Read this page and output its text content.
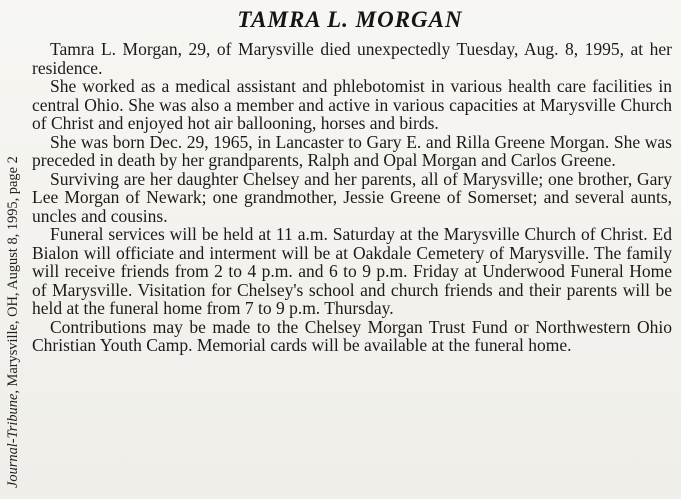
Journal-Tribune, Marysville, OH, August 8, 1995, page 2
TAMRA L. MORGAN

Tamra L. Morgan, 29, of Marysville died unexpectedly Tuesday, Aug. 8, 1995, at her residence.

She worked as a medical assistant and phlebotomist in various health care facilities in central Ohio. She was also a member and active in various capacities at Marysville Church of Christ and enjoyed hot air ballooning, horses and birds.

She was born Dec. 29, 1965, in Lancaster to Gary E. and Rilla Greene Morgan. She was preceded in death by her grandparents, Ralph and Opal Morgan and Carlos Greene.

Surviving are her daughter Chelsey and her parents, all of Marysville; one brother, Gary Lee Morgan of Newark; one grandmother, Jessie Greene of Somerset; and several aunts, uncles and cousins.

Funeral services will be held at 11 a.m. Saturday at the Marysville Church of Christ. Ed Bialon will officiate and interment will be at Oakdale Cemetery of Marysville. The family will receive friends from 2 to 4 p.m. and 6 to 9 p.m. Friday at Underwood Funeral Home of Marysville. Visitation for Chelsey's school and church friends and their parents will be held at the funeral home from 7 to 9 p.m. Thursday.

Contributions may be made to the Chelsey Morgan Trust Fund or Northwestern Ohio Christian Youth Camp. Memorial cards will be available at the funeral home.
